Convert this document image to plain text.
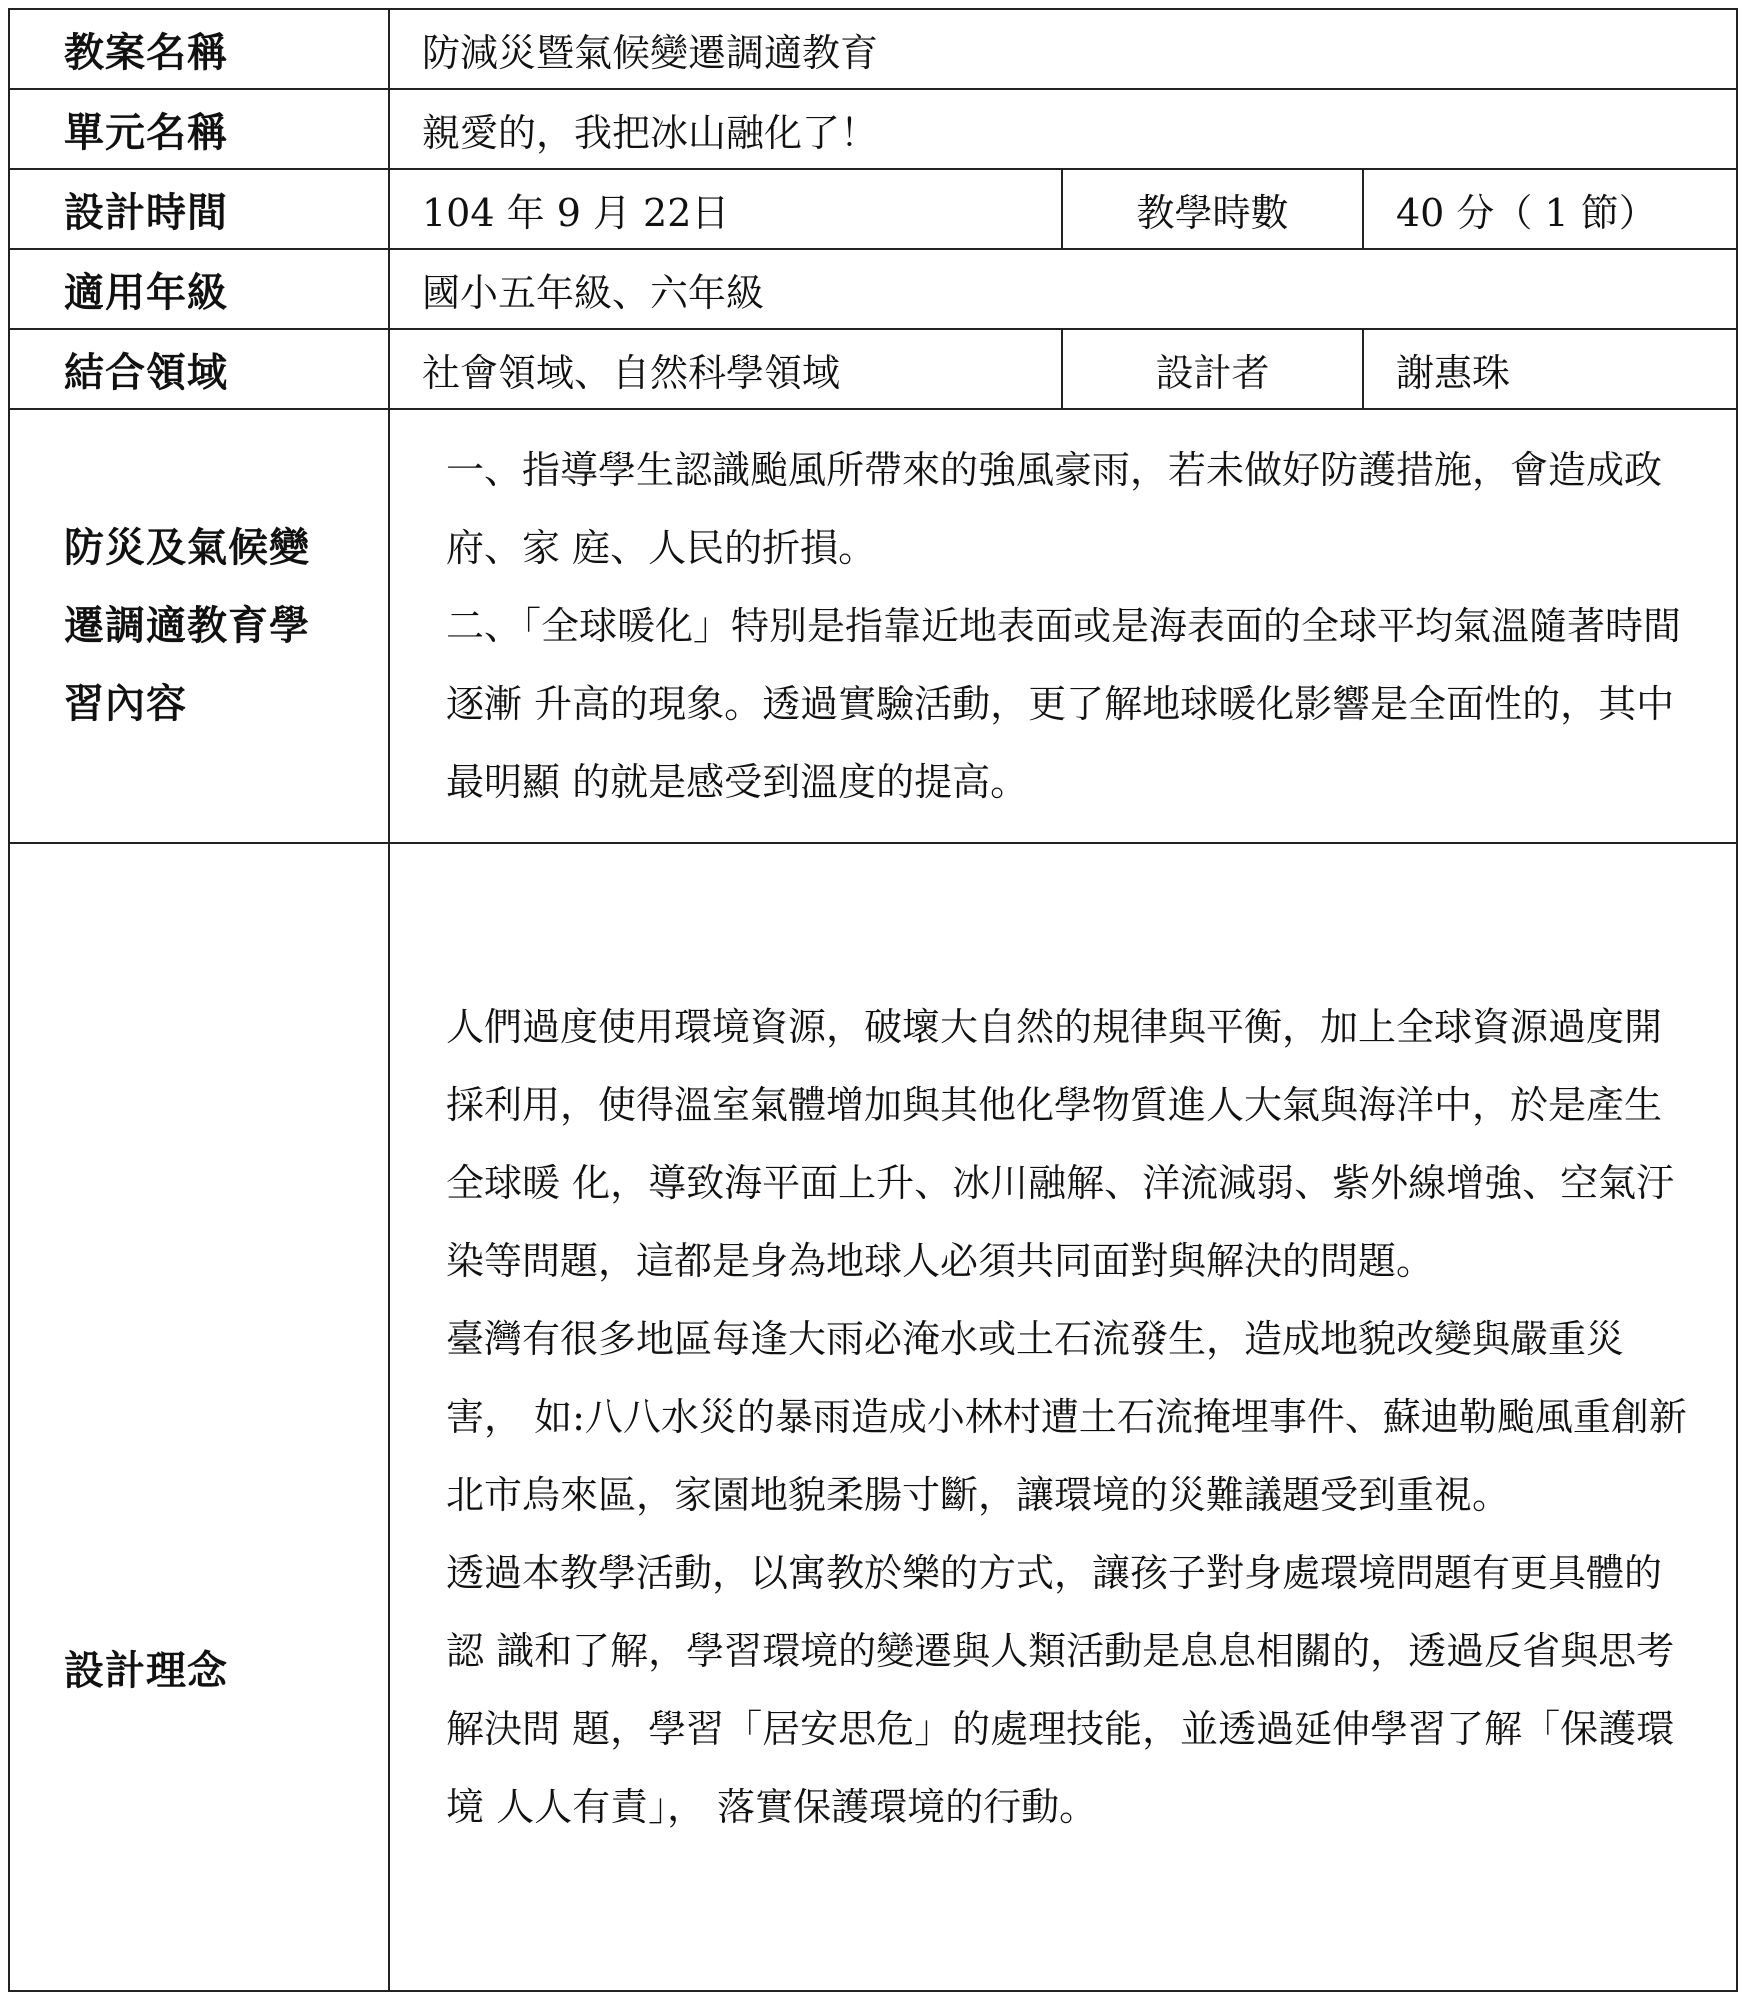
教案名稱	防減災暨氣候變遷調適教育		
單元名稱	親愛的，我把冰山融化了！		
設計時間	104 年 9 月 22日	教學時數	40 分（ 1 節）
適用年級	國小五年級、六年級		
結合領域	社會領域、自然科學領域	設計者	謝惠珠

防災及氣候變遷調適教育學習內容	一、指導學生認識颱風所帶來的強風豪雨，若未做好防護措施，會造成政府、家 庭、人民的折損。

二、「全球暖化」特別是指靠近地表面或是海表面的全球平均氣溫隨著時間逐漸 升高的現象。透過實驗活動，更了解地球暖化影響是全面性的，其中最明顯 的就是感受到溫度的提高。		

設計理念	人們過度使用環境資源，破壞大自然的規律與平衡，加上全球資源過度開採利用，使得溫室氣體增加與其他化學物質進人大氣與海洋中，於是產生全球暖 化，導致海平面上升、冰川融解、洋流減弱、紫外線增強、空氣汙染等問題，這都是身為地球人必須共同面對與解決的問題。

臺灣有很多地區每逢大雨必淹水或土石流發生，造成地貌改變與嚴重災害， 如:八八水災的暴雨造成小林村遭土石流掩埋事件、蘇迪勒颱風重創新北市烏來區，家園地貌柔腸寸斷，讓環境的災難議題受到重視。

透過本教學活動，以寓教於樂的方式，讓孩子對身處環境問題有更具體的認 識和了解，學習環境的變遷與人類活動是息息相關的，透過反省與思考解決問 題，學習「居安思危」的處理技能，並透過延伸學習了解「保護環境 人人有責」， 落實保護環境的行動。		
